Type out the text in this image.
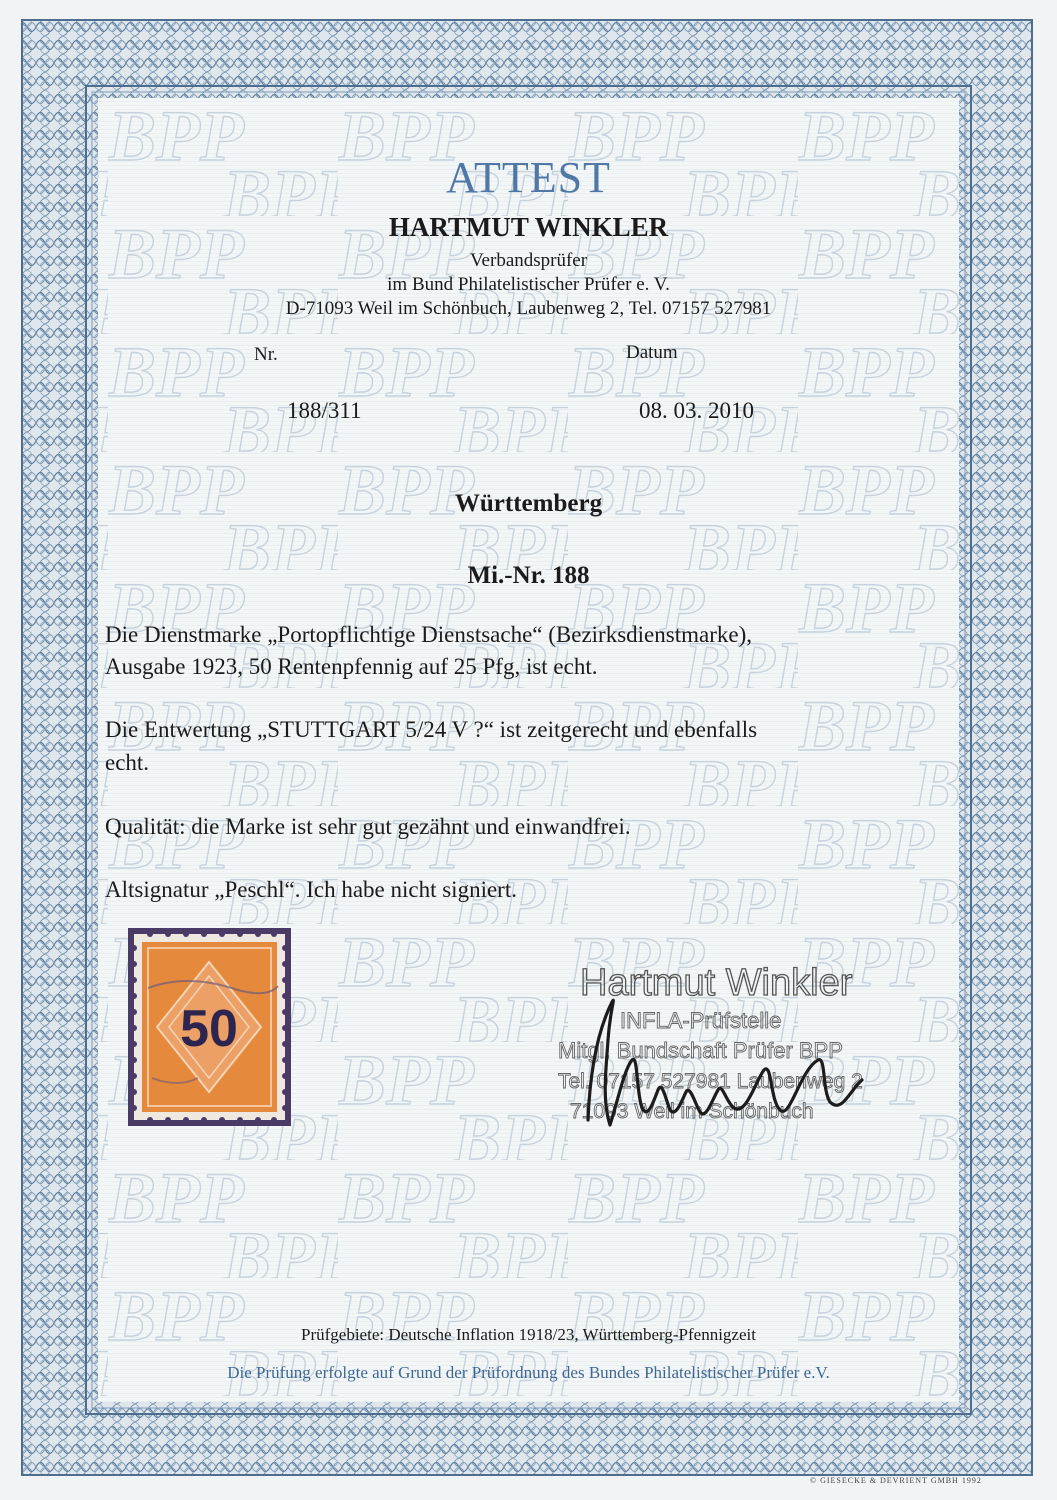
ATTEST
HARTMUT WINKLER
Verbandsprüfer
im Bund Philatelistischer Prüfer e. V.
D-71093 Weil im Schönbuch, Laubenweg 2, Tel. 07157 527981
Nr.	Datum
188/311	08. 03. 2010
Württemberg
Mi.-Nr. 188
Die Dienstmarke „Portopflichtige Dienstsache“ (Bezirksdienstmarke),
Ausgabe 1923, 50 Rentenpfennig auf 25 Pfg, ist echt.
Die Entwertung „STUTTGART 5/24 V ?“ ist zeitgerecht und ebenfalls
echt.
Qualität: die Marke ist sehr gut gezähnt und einwandfrei.
Altsignatur „Peschl“. Ich habe nicht signiert.
50
Hartmut Winkler
INFLA-Prüfstelle
Mitgl. Bundschaft Prüfer BPP
Tel. 07157 527981 Laubenweg 2
71093 Weil im Schönbuch
Prüfgebiete: Deutsche Inflation 1918/23, Württemberg-Pfennigzeit
Die Prüfung erfolgte auf Grund der Prüfordnung des Bundes Philatelistischer Prüfer e.V.
© GIESECKE & DEVRIENT GMBH 1992
